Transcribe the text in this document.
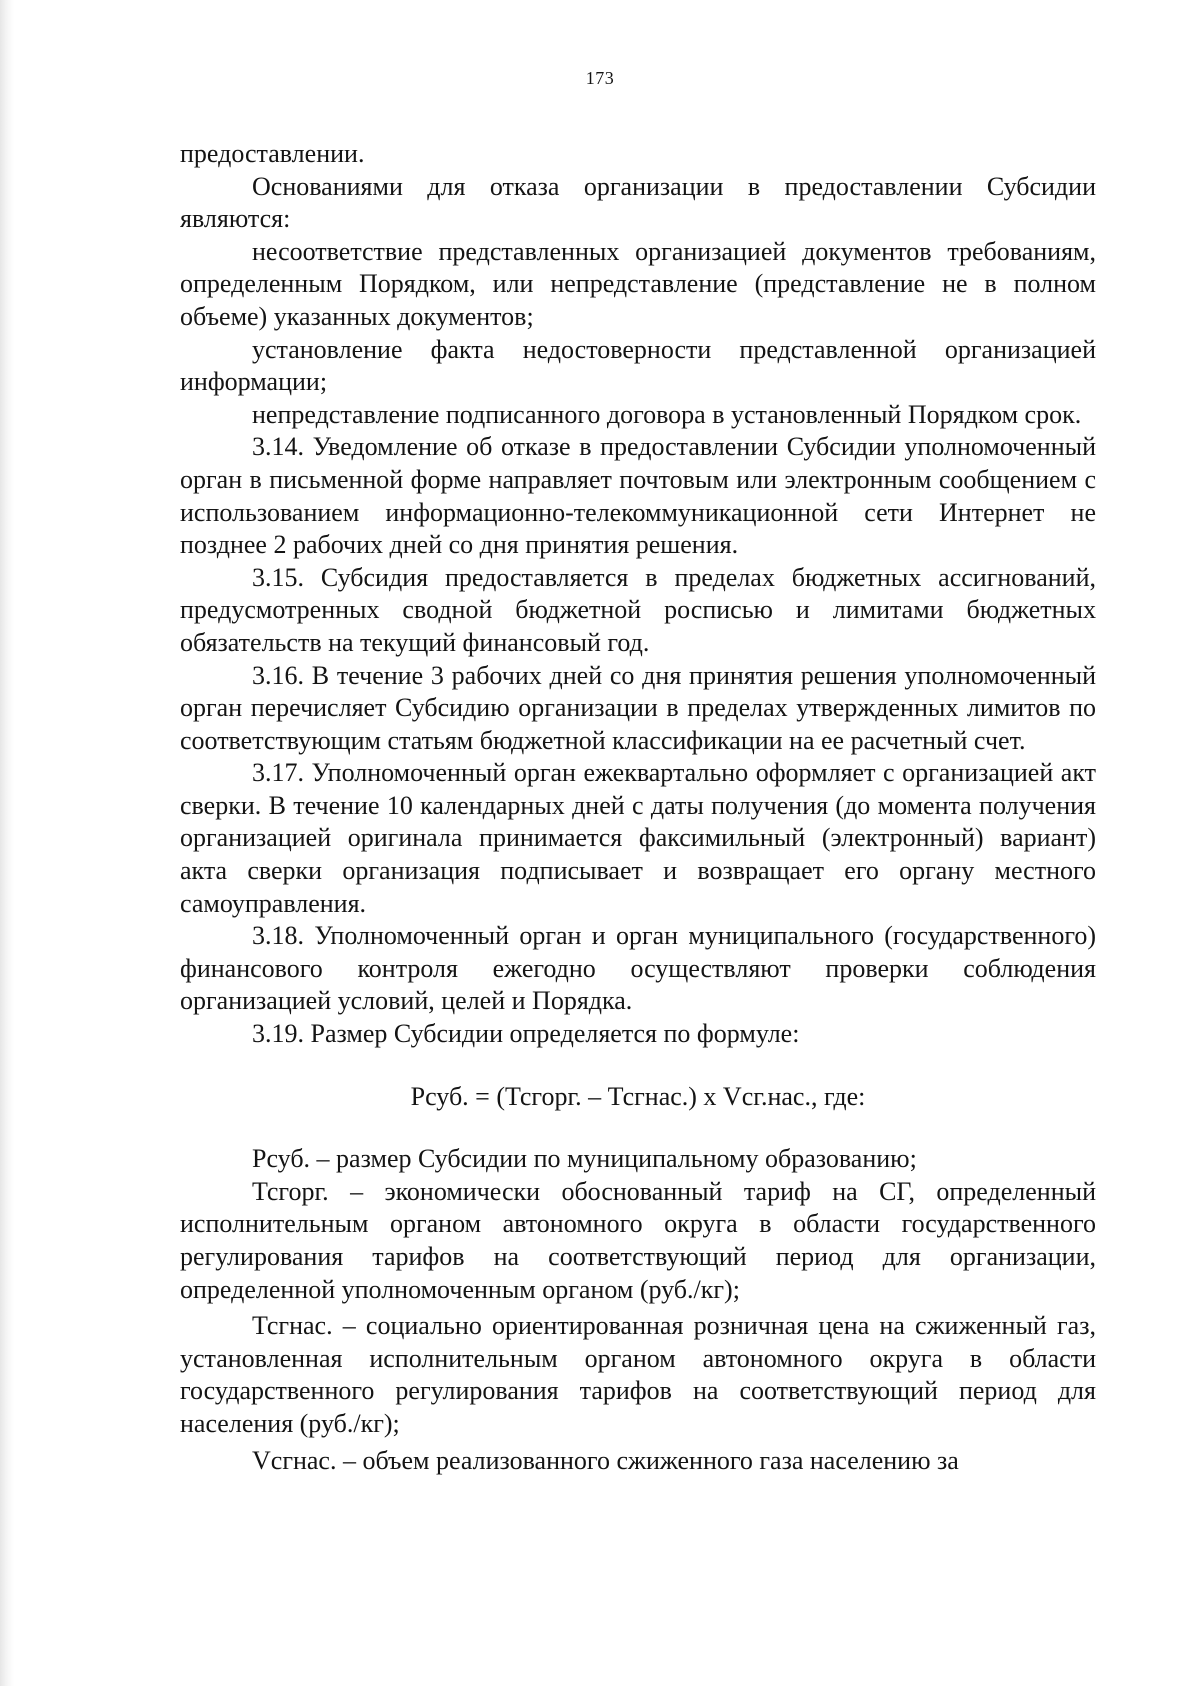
173

предоставлении.

Основаниями для отказа организации в предоставлении Субсидии являются:

несоответствие представленных организацией документов требованиям, определенным Порядком, или непредставление (представление не в полном объеме) указанных документов;

установление факта недостоверности представленной организацией информации;

непредставление подписанного договора в установленный Порядком срок.

3.14. Уведомление об отказе в предоставлении Субсидии уполномоченный орган в письменной форме направляет почтовым или электронным сообщением с использованием информационно-телекоммуникационной сети Интернет не позднее 2 рабочих дней со дня принятия решения.

3.15. Субсидия предоставляется в пределах бюджетных ассигнований, предусмотренных сводной бюджетной росписью и лимитами бюджетных обязательств на текущий финансовый год.

3.16. В течение 3 рабочих дней со дня принятия решения уполномоченный орган перечисляет Субсидию организации в пределах утвержденных лимитов по соответствующим статьям бюджетной классификации на ее расчетный счет.

3.17. Уполномоченный орган ежеквартально оформляет с организацией акт сверки. В течение 10 календарных дней с даты получения (до момента получения организацией оригинала принимается факсимильный (электронный) вариант) акта сверки организация подписывает и возвращает его органу местного самоуправления.

3.18. Уполномоченный орган и орган муниципального (государственного) финансового контроля ежегодно осуществляют проверки соблюдения организацией условий, целей и Порядка.

3.19. Размер Субсидии определяется по формуле:

Рсуб. = (Тсгорг. – Тсгнас.) х Vсг.нас., где:

Рсуб. – размер Субсидии по муниципальному образованию;

Тсгорг. – экономически обоснованный тариф на СГ, определенный исполнительным органом автономного округа в области государственного регулирования тарифов на соответствующий период для организации, определенной уполномоченным органом (руб./кг);

Тсгнас. – социально ориентированная розничная цена на сжиженный газ, установленная исполнительным органом автономного округа в области государственного регулирования тарифов на соответствующий период для населения (руб./кг);

Vсгнас. – объем реализованного сжиженного газа населению за
